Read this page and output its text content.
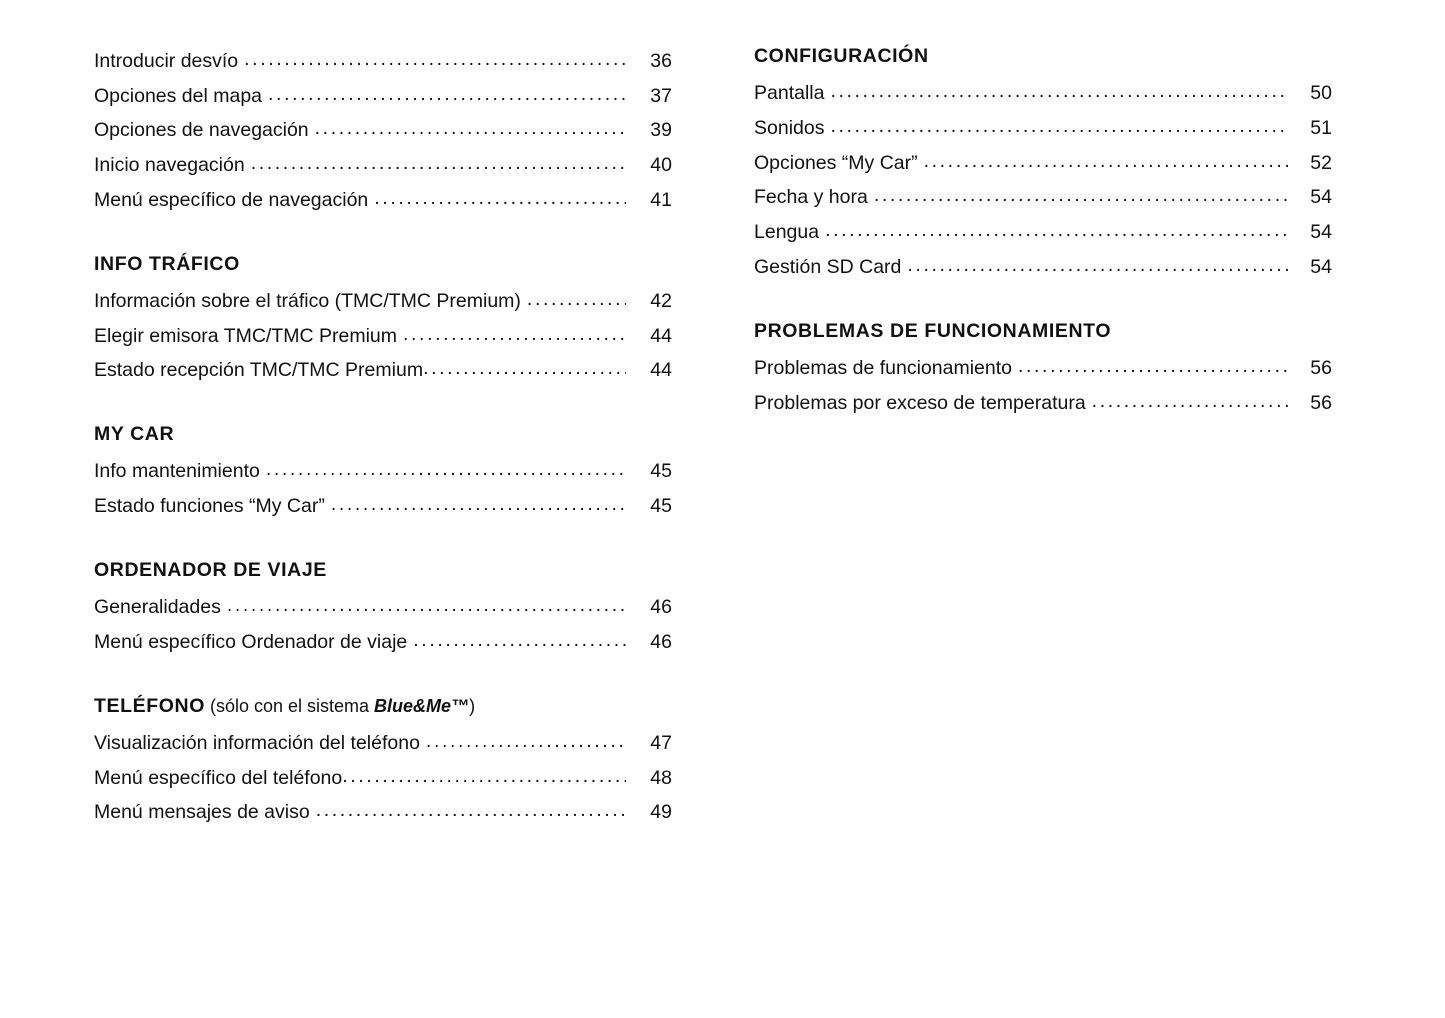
Introducir desvío .....	36
Opciones del mapa .....	37
Opciones de navegación .....	39
Inicio navegación .....	40
Menú específico de navegación .....	41
INFO TRÁFICO
Información sobre el tráfico (TMC/TMC Premium) .....	42
Elegir emisora TMC/TMC Premium .....	44
Estado recepción TMC/TMC Premium .....	44
MY CAR
Info mantenimiento .....	45
Estado funciones “My Car” .....	45
ORDENADOR DE VIAJE
Generalidades .....	46
Menú específico Ordenador de viaje .....	46
TELÉFONO (sólo con el sistema Blue&Me™)
Visualización información del teléfono .....	47
Menú específico del teléfono .....	48
Menú mensajes de aviso .....	49
CONFIGURACIÓN
Pantalla .....	50
Sonidos .....	51
Opciones “My Car” .....	52
Fecha y hora .....	54
Lengua .....	54
Gestión SD Card .....	54
PROBLEMAS DE FUNCIONAMIENTO
Problemas de funcionamiento .....	56
Problemas por exceso de temperatura .....	56
